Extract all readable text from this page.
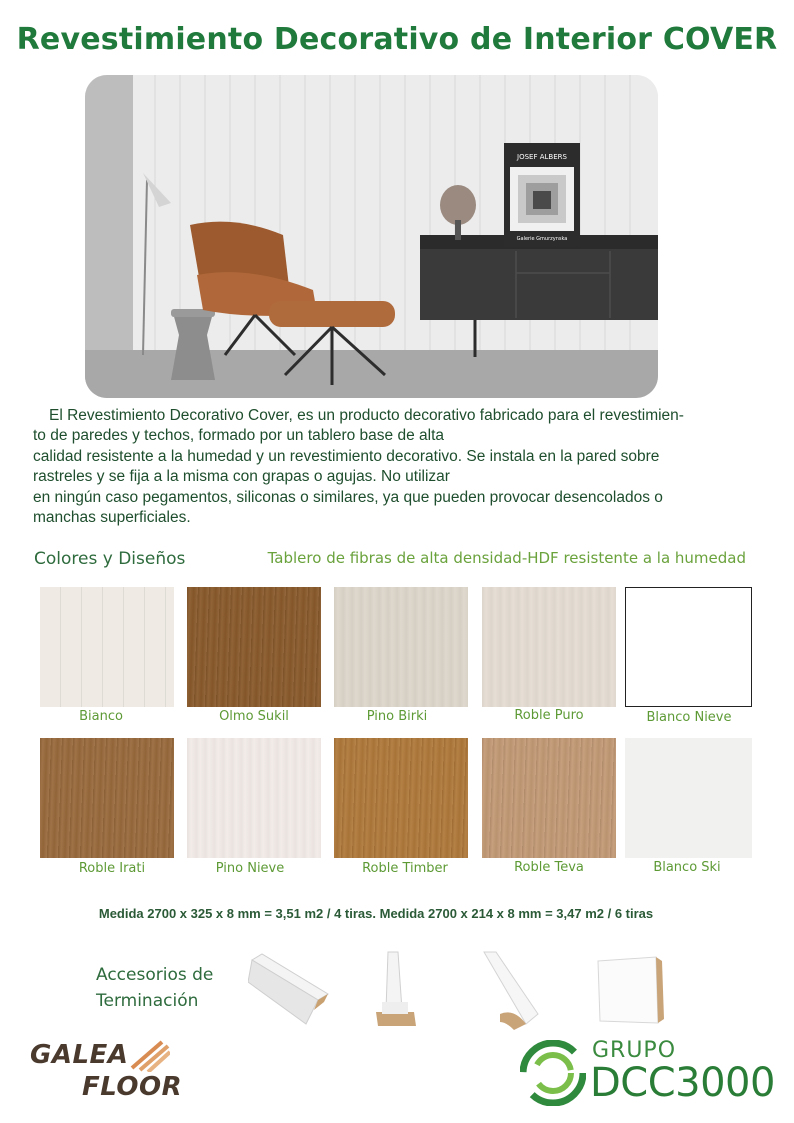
Revestimiento Decorativo de Interior COVER
JOSEF ALBERS
Galerie Gmurzynska
El Revestimiento Decorativo Cover, es un producto decorativo fabricado para el revestimien-
to de paredes y techos, formado por un tablero base de alta
calidad resistente a la humedad y un revestimiento decorativo. Se instala en la pared sobre
rastreles y se fija a la misma con grapas o agujas. No utilizar
en ningún caso pegamentos, siliconas o similares, ya que pueden provocar desencolados o
manchas superficiales.
Colores y Diseños	Tablero de fibras de alta densidad-HDF resistente a la humedad
Bianco	Olmo Sukil	Pino Birki	Roble Puro	Blanco Nieve
Roble Irati	Pino Nieve	Roble Timber	Roble Teva	Blanco Ski
Medida 2700 x 325 x 8 mm = 3,51 m2 / 4 tiras. Medida 2700 x 214 x 8 mm = 3,47 m2 / 6 tiras
Accesorios de
Terminación
GALEA
FLOOR
GRUPO
DCC3000
